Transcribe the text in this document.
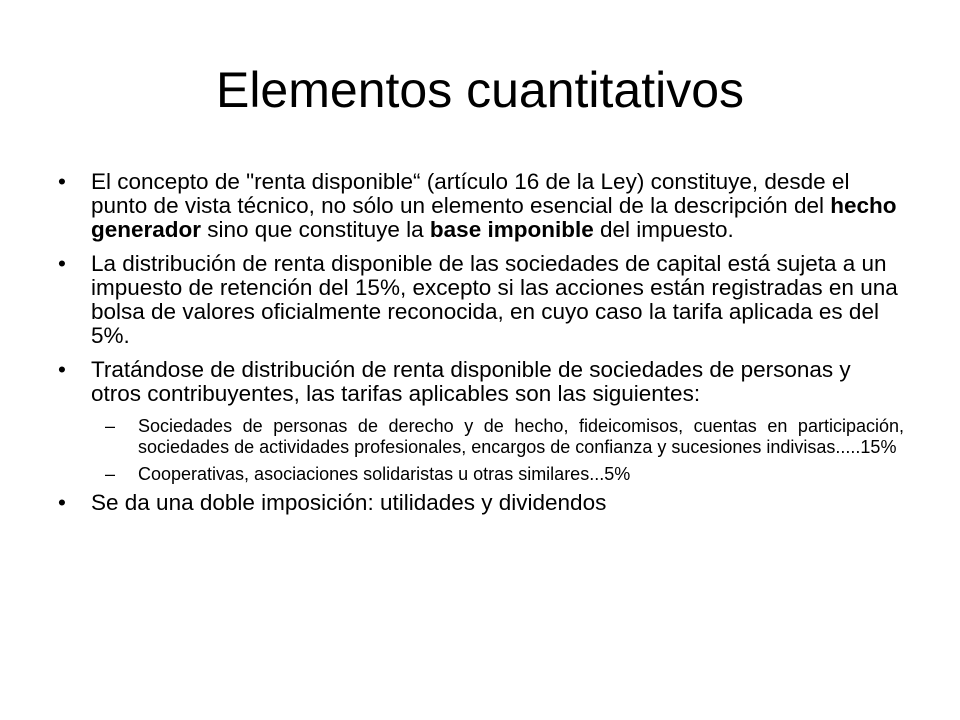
Elementos cuantitativos
•	El concepto de "renta disponible“ (artículo 16 de la Ley) constituye, desde el punto de vista técnico, no sólo un elemento esencial de la descripción del hecho generador sino que constituye la base imponible del impuesto.
•	La distribución de renta disponible de las sociedades de capital está sujeta a un impuesto de retención del 15%, excepto si las acciones están registradas en una bolsa de valores oficialmente reconocida, en cuyo caso la tarifa aplicada es del 5%.
•	Tratándose de distribución de renta disponible de sociedades de personas y otros contribuyentes, las tarifas aplicables son las siguientes:
– Sociedades de personas de derecho y de hecho, fideicomisos, cuentas en participación, sociedades de actividades profesionales, encargos de confianza y sucesiones indivisas.....15%
– Cooperativas, asociaciones solidaristas u otras similares...5%
•	Se da una doble imposición: utilidades y dividendos
